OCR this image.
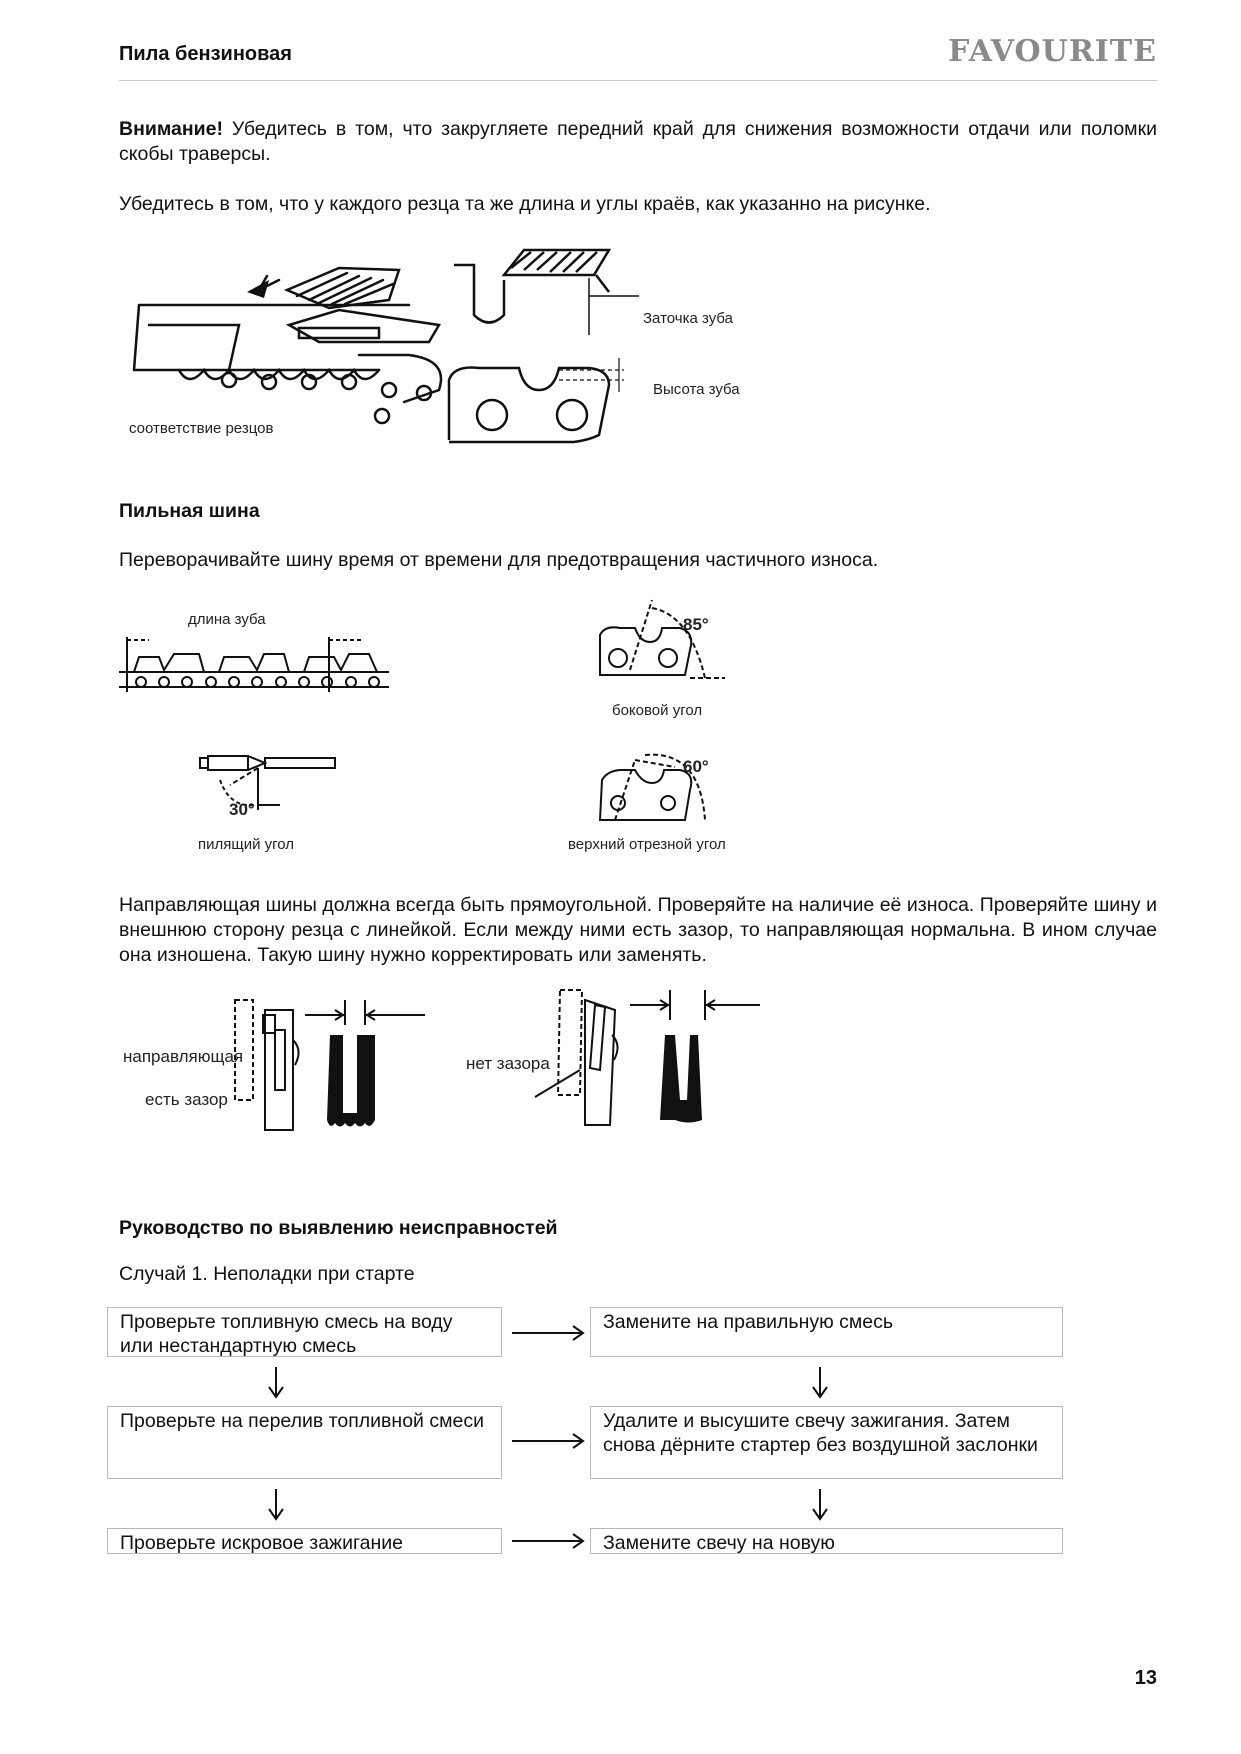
Пила бензиновая	FAVOURITE
Внимание! Убедитесь в том, что закругляете передний край для снижения возможности отдачи или поломки скобы траверсы.
Убедитесь в том, что у каждого резца та же длина и углы краёв, как указанно на рисунке.
соответствие резцов
Заточка зуба
Высота зуба
Пильная шина
Переворачивайте шину время от времени для предотвращения частичного износа.
длина зуба	85°
боковой угол
30°
пилящий угол
60°
верхний отрезной угол
Направляющая шины должна всегда быть прямоугольной. Проверяйте на наличие её износа. Проверяйте шину и внешнюю сторону резца с линейкой. Если между ними есть зазор, то направляющая нормальна. В ином случае она изношена. Такую шину нужно корректировать или заменять.
направляющая
есть зазор
нет зазора
Руководство по выявлению неисправностей
Случай 1. Неполадки при старте
Проверьте топливную смесь на воду или нестандартную смесь
Замените на правильную смесь
Проверьте на перелив топливной смеси	Удалите и высушите свечу зажигания. Затем снова дёрните стартер без воздушной заслонки
Проверьте искровое зажигание	Замените свечу на новую
13
